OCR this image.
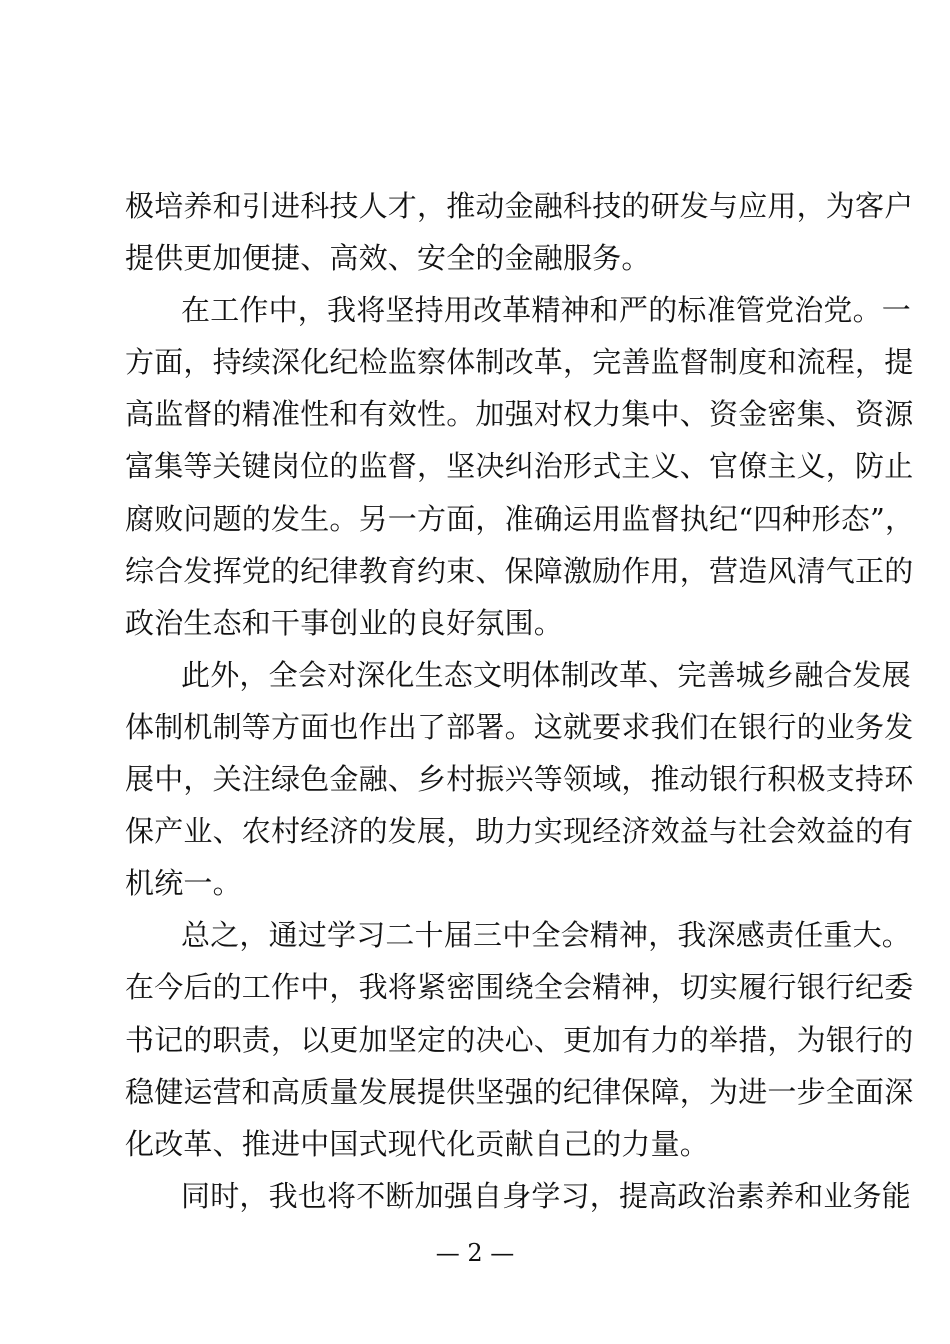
极培养和引进科技人才，推动金融科技的研发与应用，为客户
提供更加便捷、高效、安全的金融服务。
在工作中，我将坚持用改革精神和严的标准管党治党。一
方面，持续深化纪检监察体制改革，完善监督制度和流程，提
高监督的精准性和有效性。加强对权力集中、资金密集、资源
富集等关键岗位的监督，坚决纠治形式主义、官僚主义，防止
腐败问题的发生。另一方面，准确运用监督执纪“四种形态”，
综合发挥党的纪律教育约束、保障激励作用，营造风清气正的
政治生态和干事创业的良好氛围。
此外，全会对深化生态文明体制改革、完善城乡融合发展
体制机制等方面也作出了部署。这就要求我们在银行的业务发
展中，关注绿色金融、乡村振兴等领域，推动银行积极支持环
保产业、农村经济的发展，助力实现经济效益与社会效益的有
机统一。
总之，通过学习二十届三中全会精神，我深感责任重大。
在今后的工作中，我将紧密围绕全会精神，切实履行银行纪委
书记的职责，以更加坚定的决心、更加有力的举措，为银行的
稳健运营和高质量发展提供坚强的纪律保障，为进一步全面深
化改革、推进中国式现代化贡献自己的力量。
同时，我也将不断加强自身学习，提高政治素养和业务能
— 2 —
